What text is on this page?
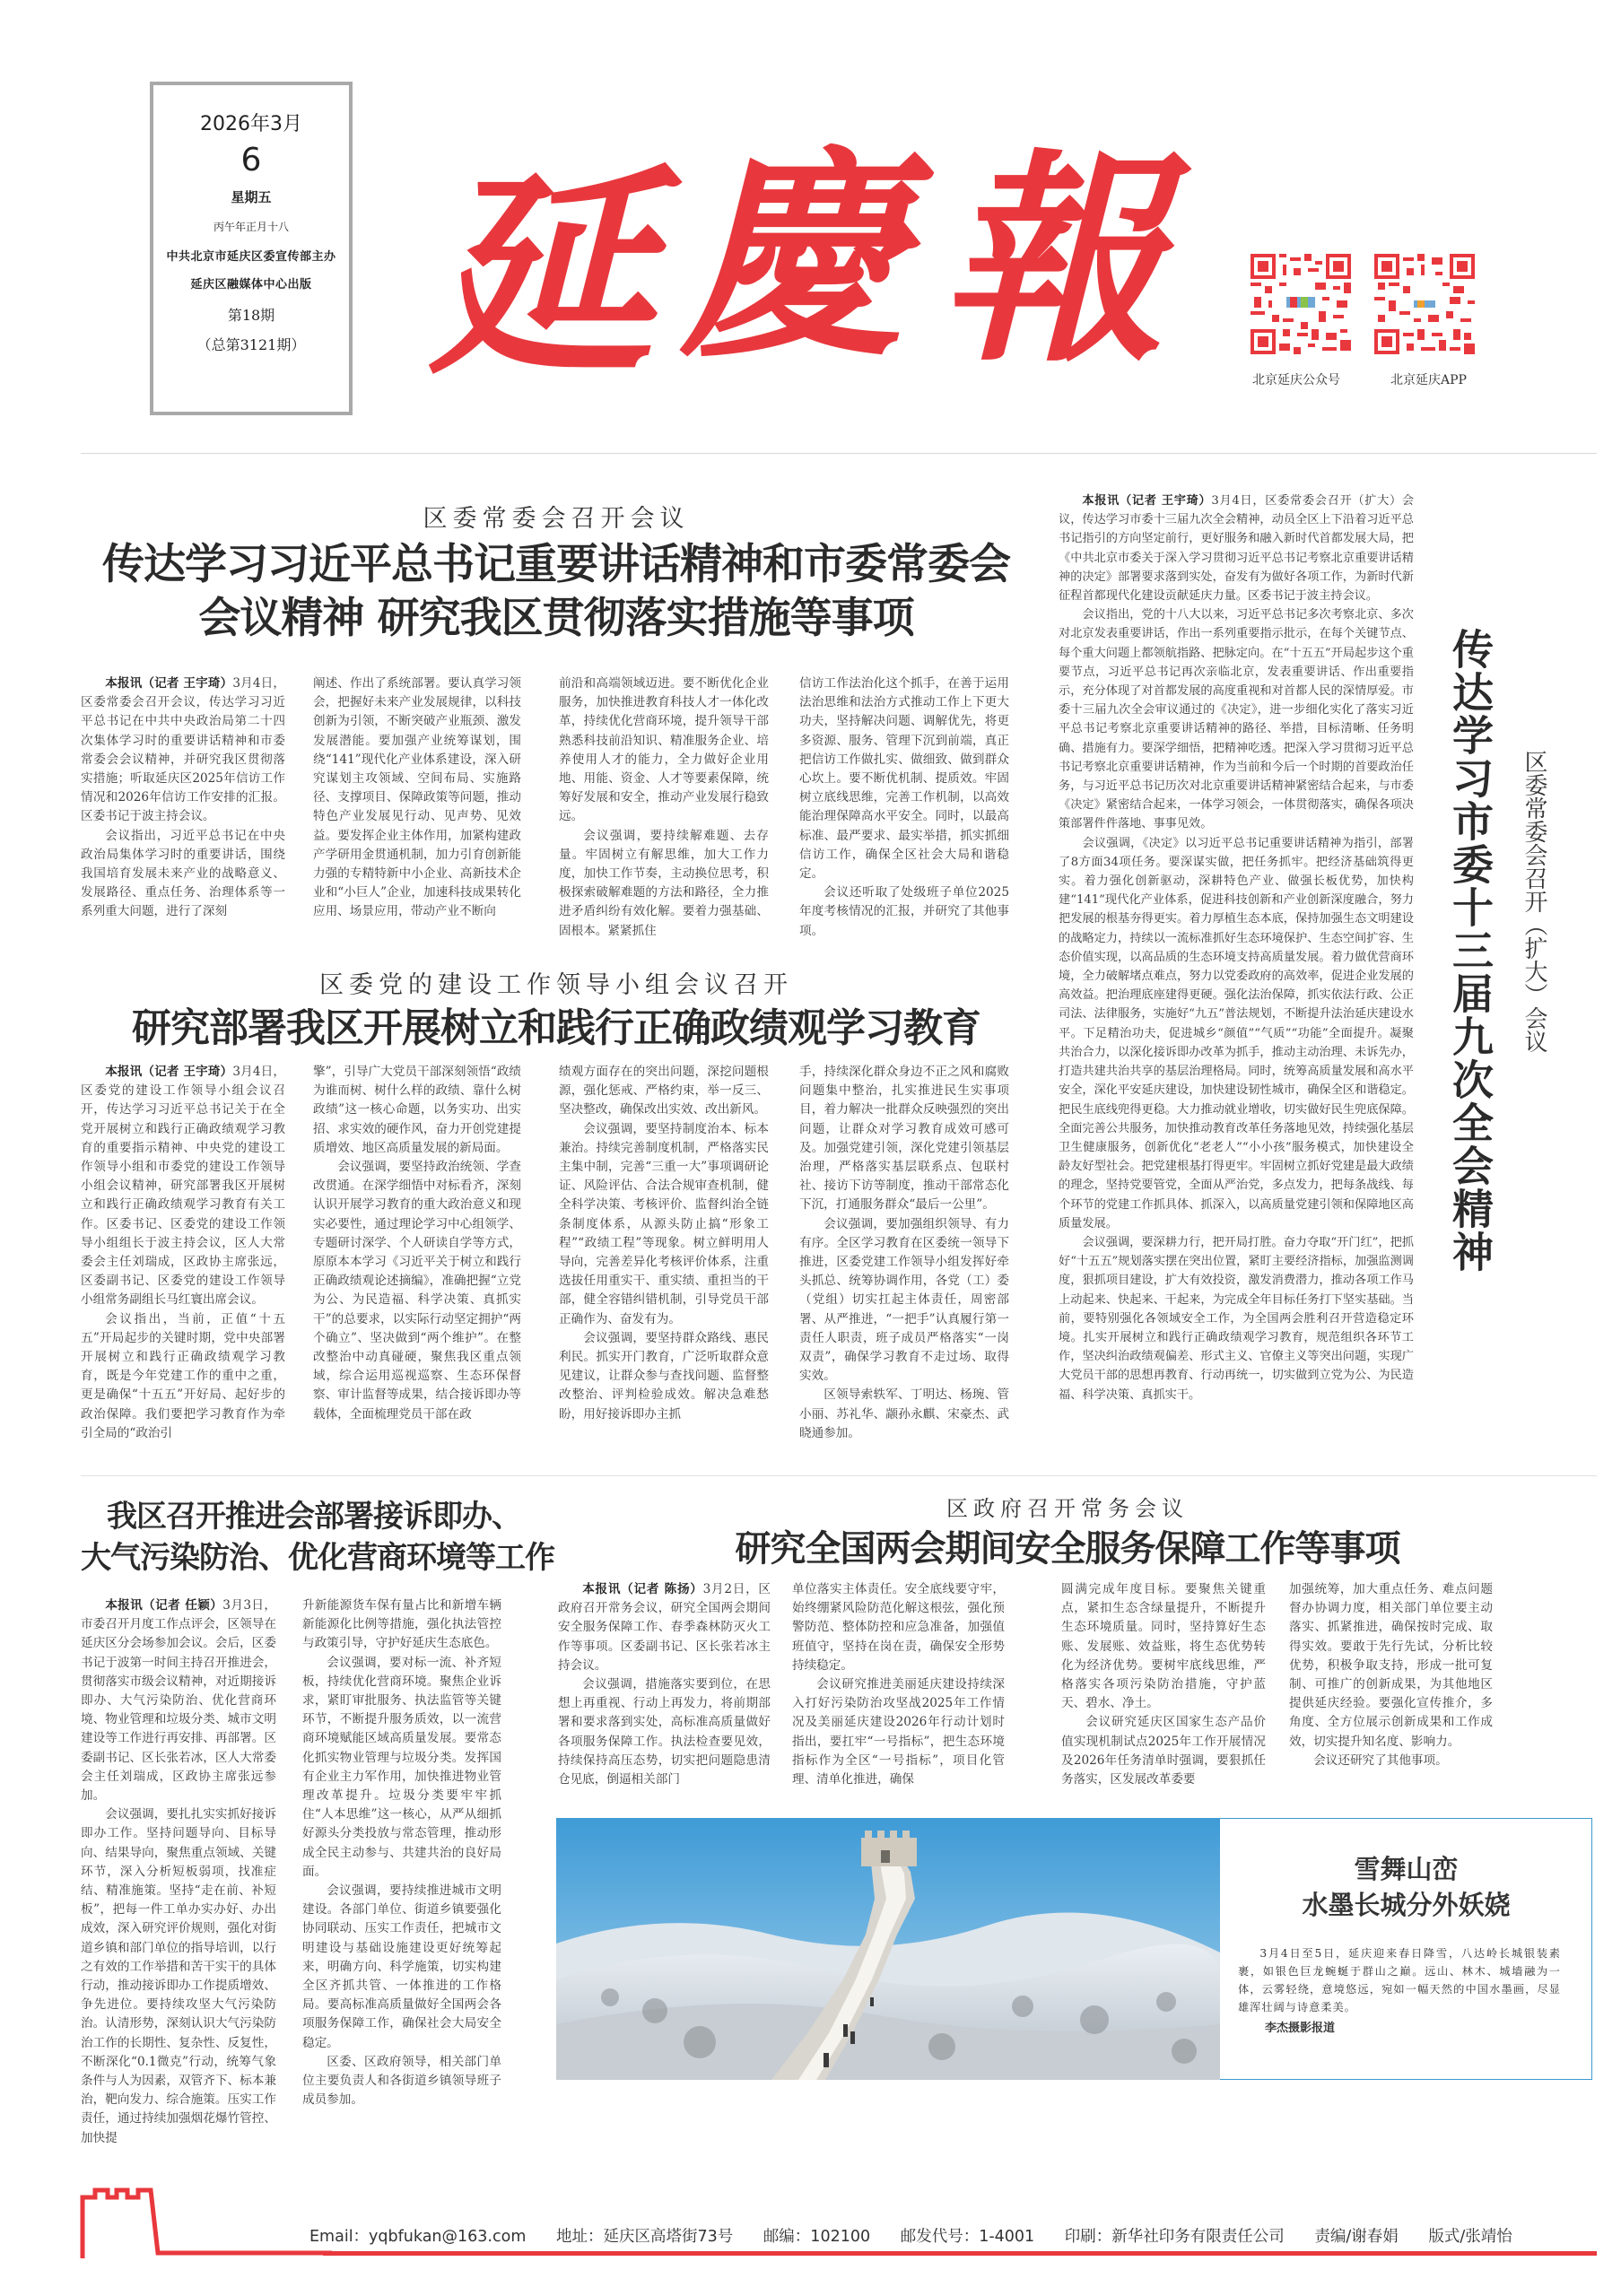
2026年3月
6
星期五
丙午年正月十八
中共北京市延庆区委宣传部主办
延庆区融媒体中心出版
第18期
（总第3121期） 延 慶 報	北京延庆公众号	北京延庆APP
区委常委会召开会议
传达学习习近平总书记重要讲话精神和市委常委会
会议精神 研究我区贯彻落实措施等事项

本报讯（记者 王宇琦）3月4日，区委常委会召开会议，传达学习习近平总书记在中共中央政治局第二十四次集体学习时的重要讲话精神和市委常委会会议精神，并研究我区贯彻落实措施；听取延庆区2025年信访工作情况和2026年信访工作安排的汇报。区委书记于波主持会议。

会议指出，习近平总书记在中央政治局集体学习时的重要讲话，围绕我国培育发展未来产业的战略意义、发展路径、重点任务、治理体系等一系列重大问题，进行了深刻

阐述、作出了系统部署。要认真学习领会，把握好未来产业发展规律，以科技创新为引领，不断突破产业瓶颈、激发发展潜能。要加强产业统筹谋划，围绕“141”现代化产业体系建设，深入研究谋划主攻领域、空间布局、实施路径、支撑项目、保障政策等问题，推动特色产业发展见行动、见声势、见效益。要发挥企业主体作用，加紧构建政产学研用金贯通机制，加力引育创新能力强的专精特新中小企业、高新技术企业和“小巨人”企业，加速科技成果转化应用、场景应用，带动产业不断向

前沿和高端领域迈进。要不断优化企业服务，加快推进教育科技人才一体化改革，持续优化营商环境，提升领导干部熟悉科技前沿知识、精准服务企业、培养使用人才的能力，全力做好企业用地、用能、资金、人才等要素保障，统筹好发展和安全，推动产业发展行稳致远。

会议强调，要持续解难题、去存量。牢固树立有解思维，加大工作力度，加快工作节奏，主动换位思考，积极探索破解难题的方法和路径，全力推进矛盾纠纷有效化解。要着力强基础、固根本。紧紧抓住

信访工作法治化这个抓手，在善于运用法治思维和法治方式推动工作上下更大功夫，坚持解决问题、调解优先，将更多资源、服务、管理下沉到前端，真正把信访工作做扎实、做细致、做到群众心坎上。要不断优机制、提质效。牢固树立底线思维，完善工作机制，以高效能治理保障高水平安全。同时，以最高标准、最严要求、最实举措，抓实抓细信访工作，确保全区社会大局和谐稳定。

会议还听取了处级班子单位2025年度考核情况的汇报，并研究了其他事项。

区委党的建设工作领导小组会议召开
研究部署我区开展树立和践行正确政绩观学习教育

本报讯（记者 王宇琦）3月4日，区委党的建设工作领导小组会议召开，传达学习习近平总书记关于在全党开展树立和践行正确政绩观学习教育的重要指示精神、中央党的建设工作领导小组和市委党的建设工作领导小组会议精神，研究部署我区开展树立和践行正确政绩观学习教育有关工作。区委书记、区委党的建设工作领导小组组长于波主持会议，区人大常委会主任刘瑞成，区政协主席张远，区委副书记、区委党的建设工作领导小组常务副组长马红寰出席会议。

会议指出，当前，正值“十五五”开局起步的关键时期，党中央部署开展树立和践行正确政绩观学习教育，既是今年党建工作的重中之重，更是确保“十五五”开好局、起好步的政治保障。我们要把学习教育作为牵引全局的“政治引

擎”，引导广大党员干部深刻领悟“政绩为谁而树、树什么样的政绩、靠什么树政绩”这一核心命题，以务实功、出实招、求实效的硬作风，奋力开创党建提质增效、地区高质量发展的新局面。

会议强调，要坚持政治统领、学查改贯通。在深学细悟中对标看齐，深刻认识开展学习教育的重大政治意义和现实必要性，通过理论学习中心组领学、专题研讨深学、个人研读自学等方式，原原本本学习《习近平关于树立和践行正确政绩观论述摘编》，准确把握“立党为公、为民造福、科学决策、真抓实干”的总要求，以实际行动坚定拥护“两个确立”、坚决做到“两个维护”。在整改整治中动真碰硬，聚焦我区重点领域，综合运用巡视巡察、生态环保督察、审计监督等成果，结合接诉即办等载体，全面梳理党员干部在政

绩观方面存在的突出问题，深挖问题根源，强化惩戒、严格约束，举一反三、坚决整改，确保改出实效、改出新风。

会议强调，要坚持制度治本、标本兼治。持续完善制度机制，严格落实民主集中制，完善“三重一大”事项调研论证、风险评估、合法合规审查机制，健全科学决策、考核评价、监督纠治全链条制度体系，从源头防止搞“形象工程”“政绩工程”等现象。树立鲜明用人导向，完善差异化考核评价体系，注重选拔任用重实干、重实绩、重担当的干部，健全容错纠错机制，引导党员干部正确作为、奋发有为。

会议强调，要坚持群众路线、惠民利民。抓实开门教育，广泛听取群众意见建议，让群众参与查找问题、监督整改整治、评判检验成效。解决急难愁盼，用好接诉即办主抓

手，持续深化群众身边不正之风和腐败问题集中整治，扎实推进民生实事项目，着力解决一批群众反映强烈的突出问题，让群众对学习教育成效可感可及。加强党建引领，深化党建引领基层治理，严格落实基层联系点、包联村社、接访下访等制度，推动干部常态化下沉，打通服务群众“最后一公里”。

会议强调，要加强组织领导、有力有序。全区学习教育在区委统一领导下推进，区委党建工作领导小组发挥好牵头抓总、统筹协调作用，各党（工）委（党组）切实扛起主体责任，周密部署、从严推进，“一把手”认真履行第一责任人职责，班子成员严格落实“一岗双责”，确保学习教育不走过场、取得实效。

区领导索轶军、丁明达、杨琬、管小丽、苏礼华、颛孙永麒、宋豪杰、武晓通参加。

本报讯（记者 王宇琦）3月4日，区委常委会召开（扩大）会议，传达学习市委十三届九次全会精神，动员全区上下沿着习近平总书记指引的方向坚定前行，更好服务和融入新时代首都发展大局，把《中共北京市委关于深入学习贯彻习近平总书记考察北京重要讲话精神的决定》部署要求落到实处，奋发有为做好各项工作，为新时代新征程首都现代化建设贡献延庆力量。区委书记于波主持会议。

会议指出，党的十八大以来，习近平总书记多次考察北京、多次对北京发表重要讲话，作出一系列重要指示批示，在每个关键节点、每个重大问题上都领航指路、把脉定向。在“十五五”开局起步这个重要节点，习近平总书记再次亲临北京，发表重要讲话、作出重要指示，充分体现了对首都发展的高度重视和对首都人民的深情厚爱。市委十三届九次全会审议通过的《决定》，进一步细化实化了落实习近平总书记考察北京重要讲话精神的路径、举措，目标清晰、任务明确、措施有力。要深学细悟，把精神吃透。把深入学习贯彻习近平总书记考察北京重要讲话精神，作为当前和今后一个时期的首要政治任务，与习近平总书记历次对北京重要讲话精神紧密结合起来，与市委《决定》紧密结合起来，一体学习领会，一体贯彻落实，确保各项决策部署件件落地、事事见效。

会议强调，《决定》以习近平总书记重要讲话精神为指引，部署了8方面34项任务。要深谋实做，把任务抓牢。把经济基础筑得更实。着力强化创新驱动，深耕特色产业、做强长板优势，加快构建“141”现代化产业体系，促进科技创新和产业创新深度融合，努力把发展的根基夯得更实。着力厚植生态本底，保持加强生态文明建设的战略定力，持续以一流标准抓好生态环境保护、生态空间扩容、生态价值实现，以高品质的生态环境支持高质量发展。着力做优营商环境，全力破解堵点难点，努力以党委政府的高效率，促进企业发展的高效益。把治理底座建得更硬。强化法治保障，抓实依法行政、公正司法、法律服务，实施好“九五”普法规划，不断提升法治延庆建设水平。下足精治功夫，促进城乡“颜值”“气质”“功能”全面提升。凝聚共治合力，以深化接诉即办改革为抓手，推动主动治理、未诉先办，打造共建共治共享的基层治理格局。同时，统筹高质量发展和高水平安全，深化平安延庆建设，加快建设韧性城市，确保全区和谐稳定。把民生底线兜得更稳。大力推动就业增收，切实做好民生兜底保障。全面完善公共服务，加快推动教育改革任务落地见效，持续强化基层卫生健康服务，创新优化“老老人”“小小孩”服务模式，加快建设全龄友好型社会。把党建根基打得更牢。牢固树立抓好党建是最大政绩的理念，坚持党要管党，全面从严治党，多点发力，把每条战线、每个环节的党建工作抓具体、抓深入，以高质量党建引领和保障地区高质量发展。

会议强调，要深耕力行，把开局打胜。奋力夺取“开门红”，把抓好“十五五”规划落实摆在突出位置，紧盯主要经济指标，加强监测调度，狠抓项目建设，扩大有效投资，激发消费潜力，推动各项工作马上动起来、快起来、干起来，为完成全年目标任务打下坚实基础。当前，要特别强化各领域安全工作，为全国两会胜利召开营造稳定环境。扎实开展树立和践行正确政绩观学习教育，规范组织各环节工作，坚决纠治政绩观偏差、形式主义、官僚主义等突出问题，实现广大党员干部的思想再教育、行动再统一，切实做到立党为公、为民造福、科学决策、真抓实干。

传达学习市委十三届九次全会精神	区委常委会召开（扩大）会议
我区召开推进会部署接诉即办、
大气污染防治、优化营商环境等工作

本报讯（记者 任颖）3月3日，市委召开月度工作点评会，区领导在延庆区分会场参加会议。会后，区委书记于波第一时间主持召开推进会，贯彻落实市级会议精神，对近期接诉即办、大气污染防治、优化营商环境、物业管理和垃圾分类、城市文明建设等工作进行再安排、再部署。区委副书记、区长张若冰，区人大常委会主任刘瑞成，区政协主席张远参加。

会议强调，要扎扎实实抓好接诉即办工作。坚持问题导向、目标导向、结果导向，聚焦重点领域、关键环节，深入分析短板弱项，找准症结、精准施策。坚持“走在前、补短板”，把每一件工单办实办好、办出成效，深入研究评价规则，强化对街道乡镇和部门单位的指导培训，以行之有效的工作举措和苦干实干的具体行动，推动接诉即办工作提质增效、争先进位。要持续攻坚大气污染防治。认清形势，深刻认识大气污染防治工作的长期性、复杂性、反复性，不断深化“0.1微克”行动，统筹气象条件与人为因素，双管齐下、标本兼治，靶向发力、综合施策。压实工作责任，通过持续加强烟花爆竹管控、加快提

升新能源货车保有量占比和新增车辆新能源化比例等措施，强化执法管控与政策引导，守护好延庆生态底色。

会议强调，要对标一流、补齐短板，持续优化营商环境。聚焦企业诉求，紧盯审批服务、执法监管等关键环节，不断提升服务质效，以一流营商环境赋能区域高质量发展。要常态化抓实物业管理与垃圾分类。发挥国有企业主力军作用，加快推进物业管理改革提升。垃圾分类要牢牢抓住“人本思维”这一核心，从严从细抓好源头分类投放与常态管理，推动形成全民主动参与、共建共治的良好局面。

会议强调，要持续推进城市文明建设。各部门单位、街道乡镇要强化协同联动、压实工作责任，把城市文明建设与基础设施建设更好统筹起来，明确方向、科学施策，切实构建全区齐抓共管、一体推进的工作格局。要高标准高质量做好全国两会各项服务保障工作，确保社会大局安全稳定。

区委、区政府领导，相关部门单位主要负责人和各街道乡镇领导班子成员参加。

区政府召开常务会议
研究全国两会期间安全服务保障工作等事项

本报讯（记者 陈扬）3月2日，区政府召开常务会议，研究全国两会期间安全服务保障工作、春季森林防灭火工作等事项。区委副书记、区长张若冰主持会议。

会议强调，措施落实要到位，在思想上再重视、行动上再发力，将前期部署和要求落到实处，高标准高质量做好各项服务保障工作。执法检查要见效，持续保持高压态势，切实把问题隐患清仓见底，倒逼相关部门

单位落实主体责任。安全底线要守牢，始终绷紧风险防范化解这根弦，强化预警防范、整体防控和应急准备，加强值班值守，坚持在岗在责，确保安全形势持续稳定。

会议研究推进美丽延庆建设持续深入打好污染防治攻坚战2025年工作情况及美丽延庆建设2026年行动计划时指出，要扛牢“一号指标”，把生态环境指标作为全区“一号指标”，项目化管理、清单化推进，确保

圆满完成年度目标。要聚焦关键重点，紧扣生态含绿量提升，不断提升生态环境质量。同时，坚持算好生态账、发展账、效益账，将生态优势转化为经济优势。要树牢底线思维，严格落实各项污染防治措施，守护蓝天、碧水、净土。

会议研究延庆区国家生态产品价值实现机制试点2025年工作开展情况及2026年任务清单时强调，要狠抓任务落实，区发展改革委要

加强统筹，加大重点任务、难点问题督办协调力度，相关部门单位要主动落实、抓紧推进，确保按时完成、取得实效。要敢于先行先试，分析比较优势，积极争取支持，形成一批可复制、可推广的创新成果，为其他地区提供延庆经验。要强化宣传推介，多角度、全方位展示创新成果和工作成效，切实提升知名度、影响力。

会议还研究了其他事项。

雪舞山峦
水墨长城分外妖娆
3月4日至5日，延庆迎来春日降雪，八达岭长城银装素裹，如银色巨龙蜿蜒于群山之巅。远山、林木、城墙融为一体，云雾轻绕，意境悠远，宛如一幅天然的中国水墨画，尽显雄浑壮阔与诗意柔美。
李杰摄影报道
Email：yqbfukan@163.com 地址：延庆区高塔街73号 邮编：102100 邮发代号：1-4001 印刷：新华社印务有限责任公司 责编/谢春娟 版式/张靖怡
